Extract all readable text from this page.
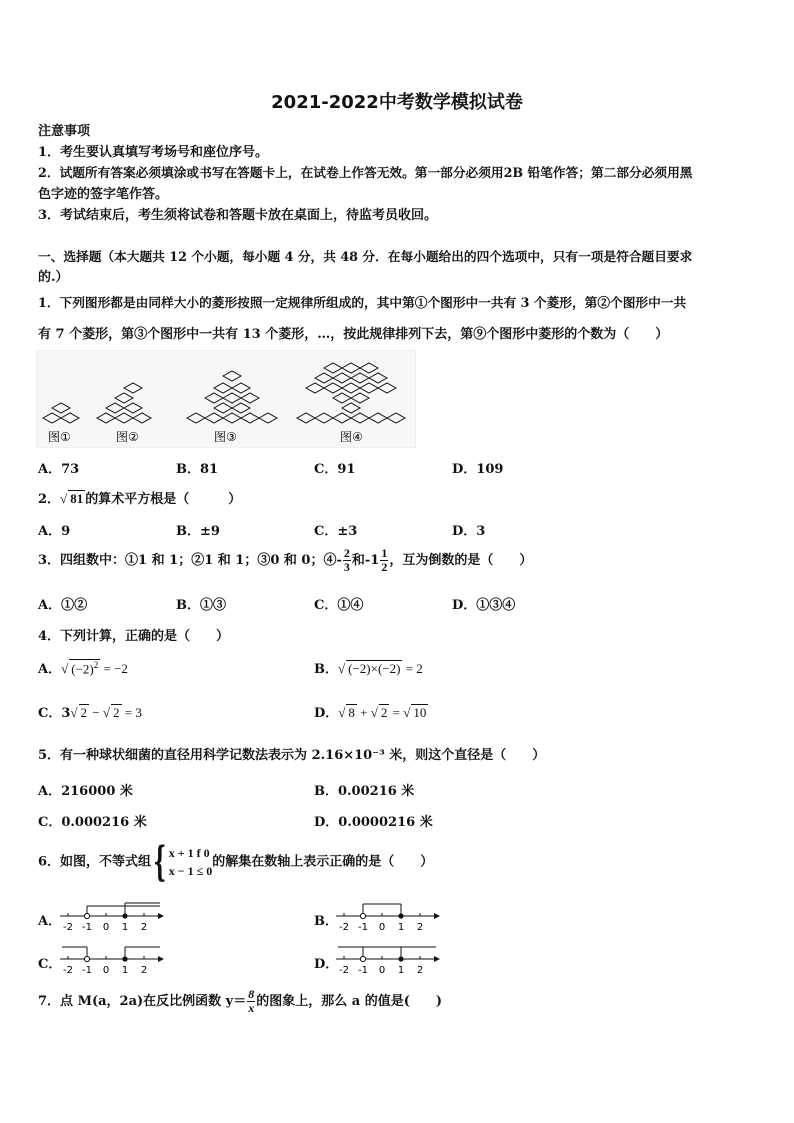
2021-2022中考数学模拟试卷
注意事项
1．考生要认真填写考场号和座位序号。
2．试题所有答案必须填涂或书写在答题卡上，在试卷上作答无效。第一部分必须用2B 铅笔作答；第二部分必须用黑
色字迹的签字笔作答。
3．考试结束后，考生须将试卷和答题卡放在桌面上，待监考员收回。
一、选择题（本大题共 12 个小题，每小题 4 分，共 48 分．在每小题给出的四个选项中，只有一项是符合题目要求
的.）
1．下列图形都是由同样大小的菱形按照一定规律所组成的，其中第①个图形中一共有 3 个菱形，第②个图形中一共
有 7 个菱形，第③个图形中一共有 13 个菱形，…，按此规律排列下去，第⑨个图形中菱形的个数为（　　）
图①	图②	图③	图④
A．73	B．81	C．91	D．109
2．√ 81 的算术平方根是（　　　）
A．9	B．±9	C．±3	D．3
3．四组数中：①1 和 1；②1 和 1；③0 和 0；④- $\frac{2}{3}$ 和$-1 \frac{1}{2}$ ，互为倒数的是（　　）
A．①②	B．①③	C．①④	D．①③④
4．下列计算，正确的是（　　）
A．√ $(-2)^2 = -2$	B．√ (−2)×(−2) = 2
C．3√ 2 − √ 2 = 3	D．√ 8 + √ 2 = √ 10
5．有一种球状细菌的直径用科学记数法表示为 2.16×10⁻³ 米，则这个直径是（　　）
A．216000 米	B．0.00216 米
C．0.000216 米	D．0.0000216 米
6．如图，不等式组{ x + 1 f 0
x − 1 ≤ 0
的解集在数轴上表示正确的是（　　）
A．	B．
C．	D．
-2 -1 0 1 2	-2 -1 0 1 2
-2 -1 0 1 2	-2 -1 0 1 2
7．点 M(a，2a)在反比例函数 $y= \frac{8}{x}$ 的图象上，那么 a 的值是(　　)
